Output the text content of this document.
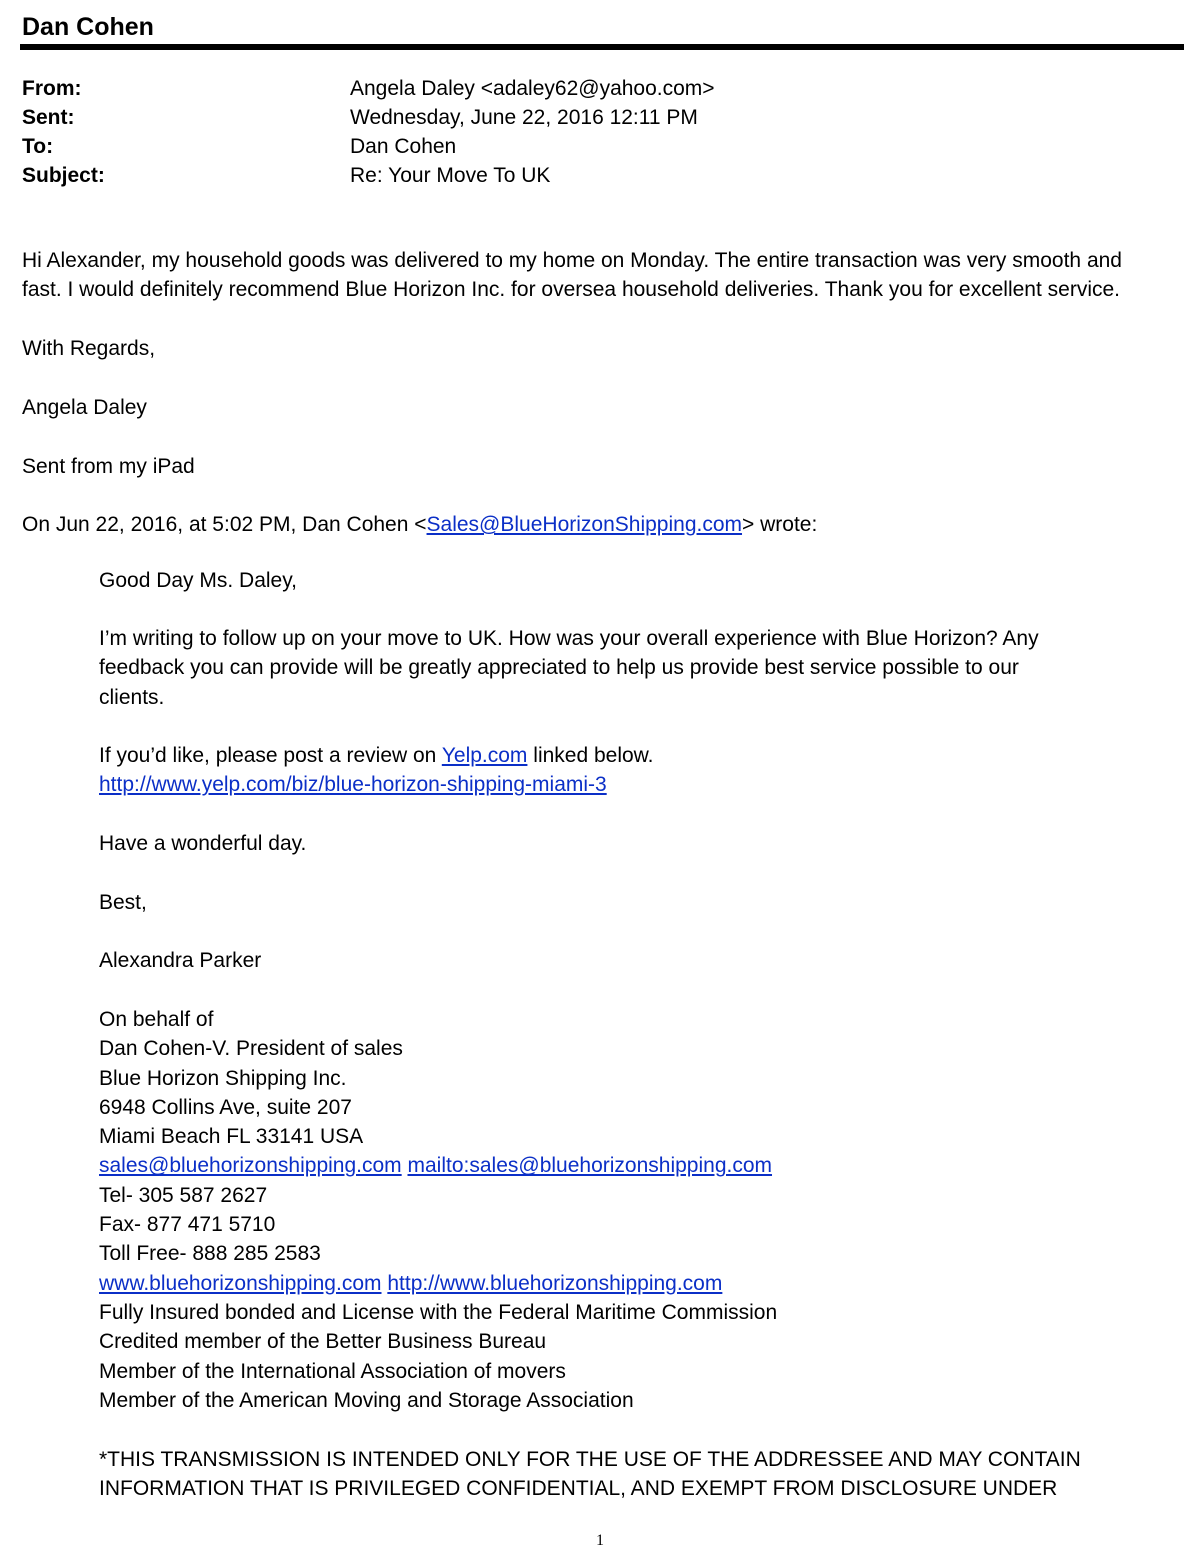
Dan Cohen
From:	Angela Daley <adaley62@yahoo.com>
Sent:	Wednesday, June 22, 2016 12:11 PM
To:	Dan Cohen
Subject:	Re: Your Move To UK

Hi Alexander, my household goods was delivered to my home on Monday. The entire transaction was very smooth and

fast. I would definitely recommend Blue Horizon Inc. for oversea household deliveries. Thank you for excellent service.

With Regards,
Angela Daley
Sent from my iPad
On Jun 22, 2016, at 5:02 PM, Dan Cohen <Sales@BlueHorizonShipping.com> wrote:
Good Day Ms. Daley,

I’m writing to follow up on your move to UK. How was your overall experience with Blue Horizon? Any

feedback you can provide will be greatly appreciated to help us provide best service possible to our

clients.

If you’d like, please post a review on Yelp.com linked below.

http://www.yelp.com/biz/blue-horizon-shipping-miami-3

Have a wonderful day.
Best,
Alexandra Parker

On behalf of

Dan Cohen-V. President of sales

Blue Horizon Shipping Inc.

6948 Collins Ave, suite 207

Miami Beach FL 33141 USA

sales@bluehorizonshipping.com mailto:sales@bluehorizonshipping.com

Tel- 305 587 2627

Fax- 877 471 5710

Toll Free- 888 285 2583

www.bluehorizonshipping.com http://www.bluehorizonshipping.com

Fully Insured bonded and License with the Federal Maritime Commission

Credited member of the Better Business Bureau

Member of the International Association of movers

Member of the American Moving and Storage Association

*THIS TRANSMISSION IS INTENDED ONLY FOR THE USE OF THE ADDRESSEE AND MAY CONTAIN

INFORMATION THAT IS PRIVILEGED CONFIDENTIAL, AND EXEMPT FROM DISCLOSURE UNDER

1
